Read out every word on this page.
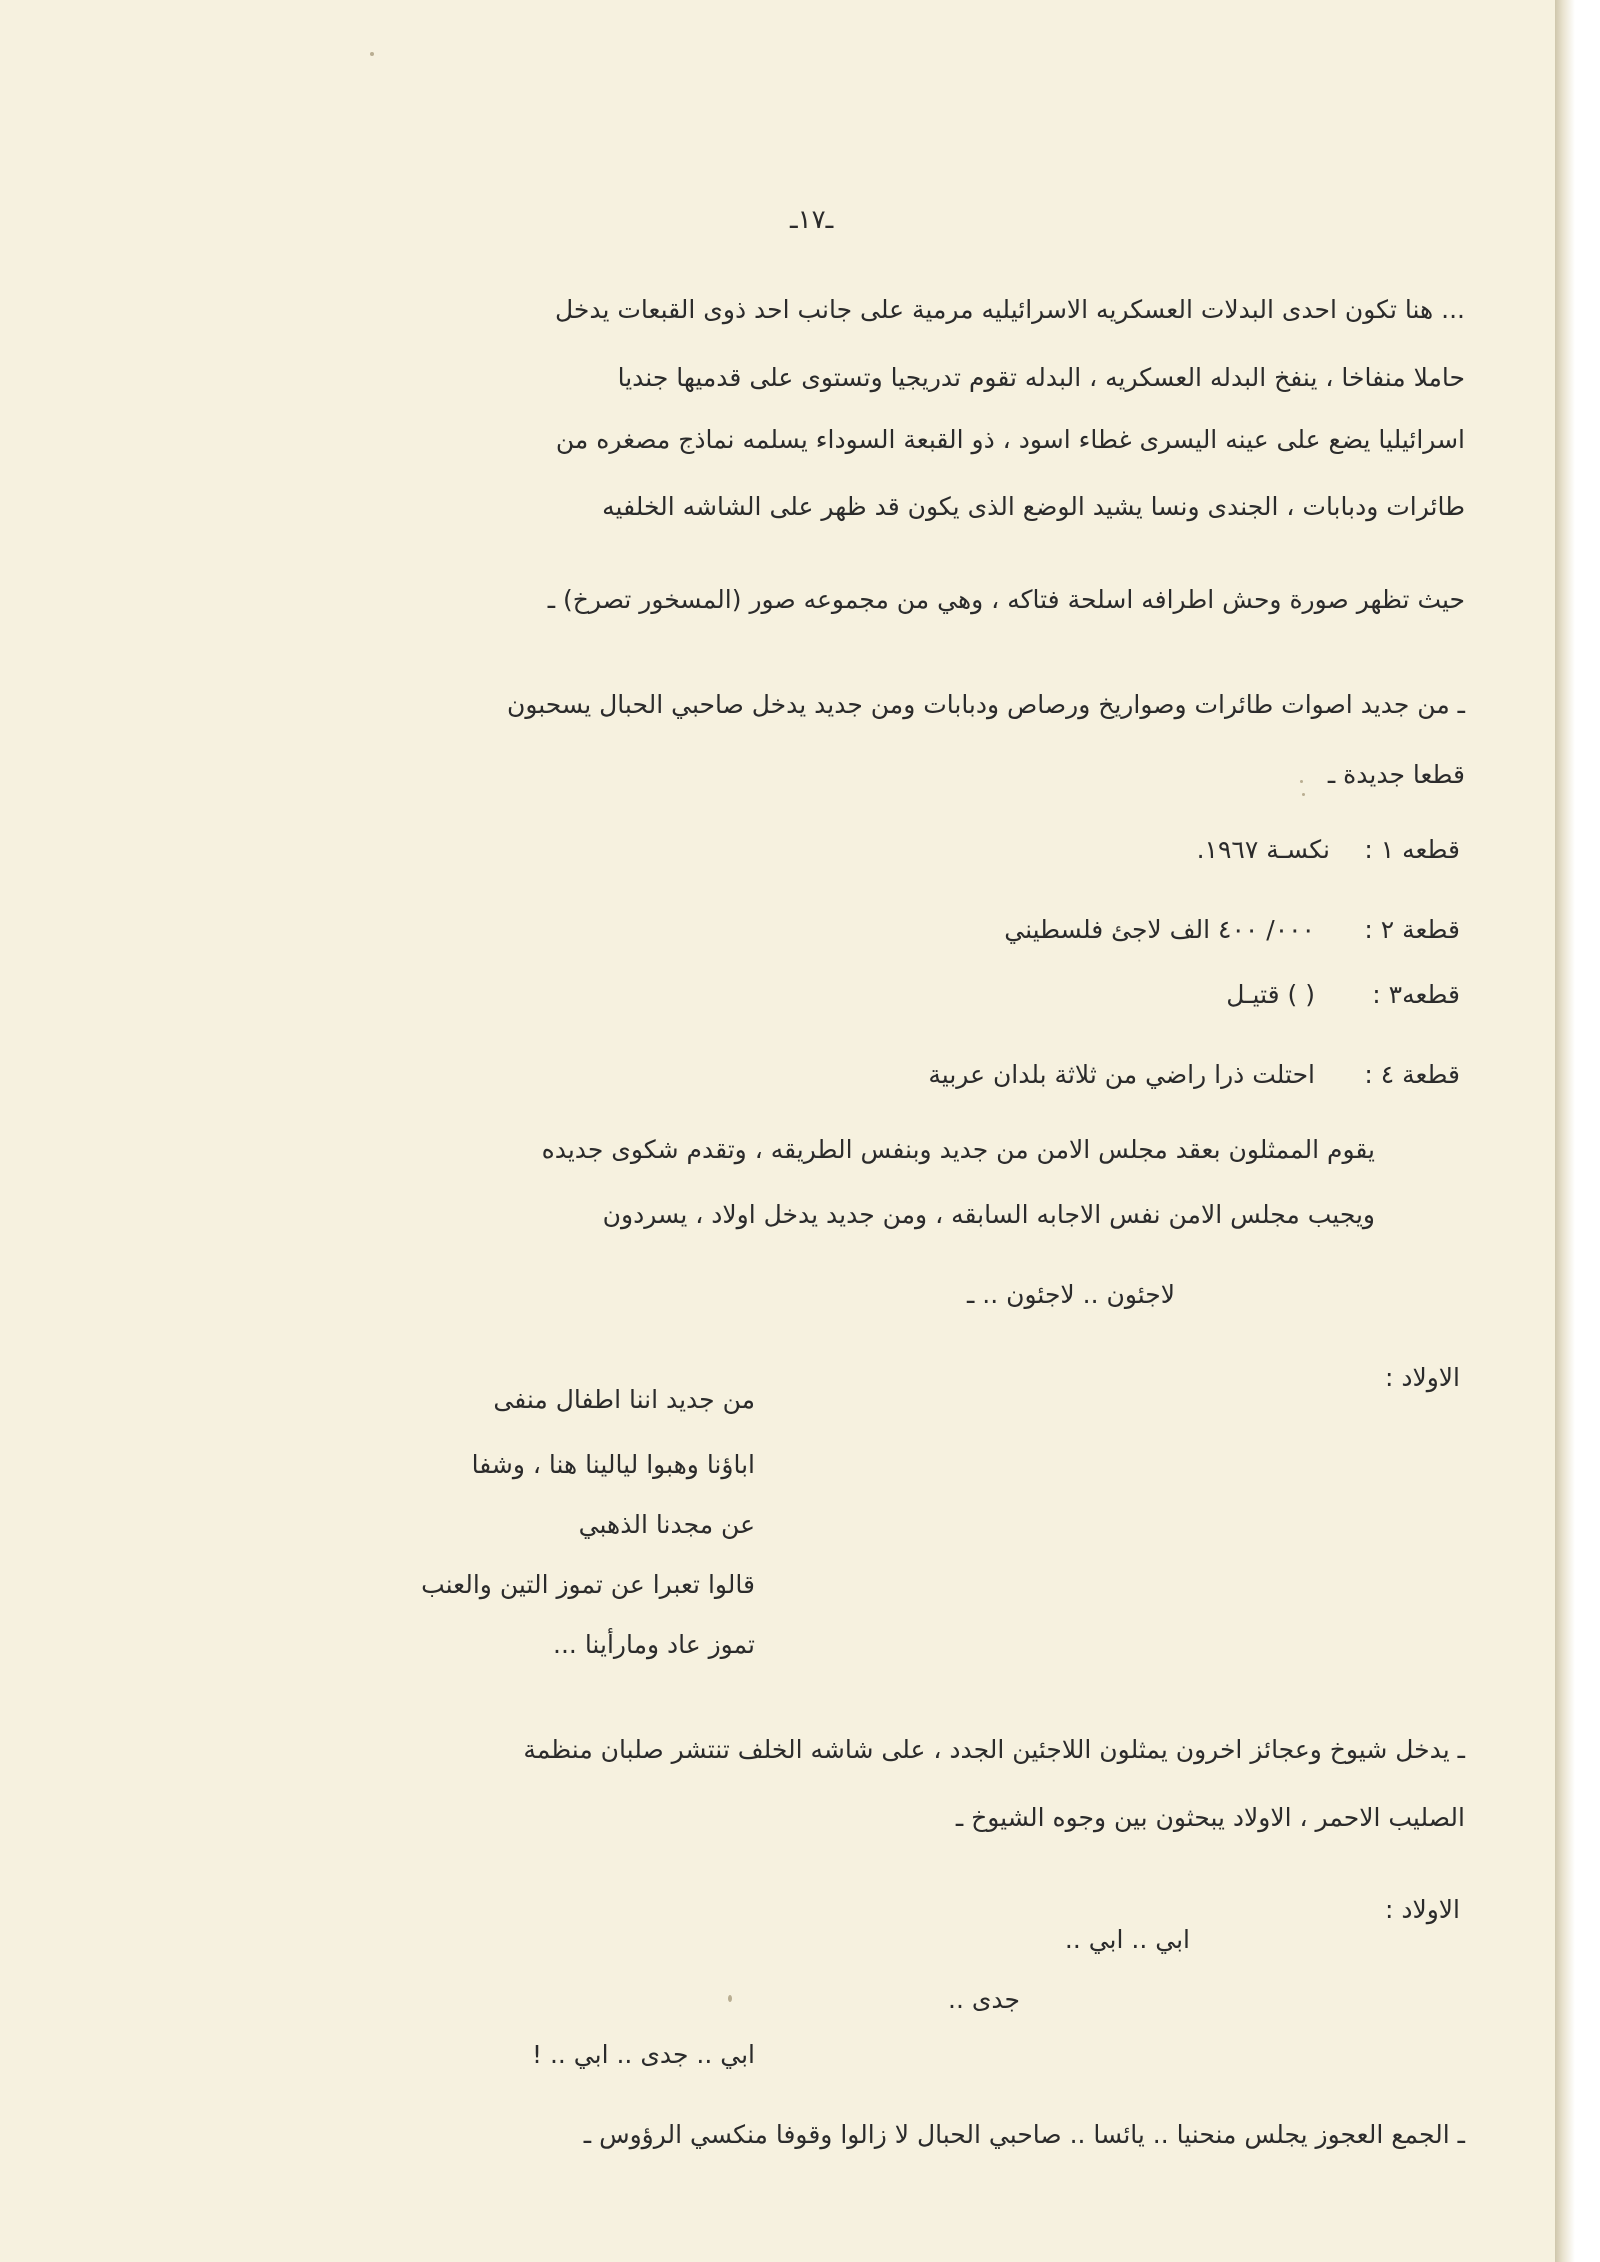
ـ١٧ـ
... هنا تكون احدى البدلات العسكريه الاسرائيليه مرمية على جانب احد ذوى القبعات يدخل
حاملا منفاخا ، ينفخ البدله العسكريه ، البدله تقوم تدريجيا وتستوى على قدميها جنديا
اسرائيليا يضع على عينه اليسرى غطاء اسود ، ذو القبعة السوداء يسلمه نماذج مصغره من
طائرات ودبابات ، الجندى ونسا يشيد الوضع الذى يكون قد ظهر على الشاشه الخلفيه
حيث تظهر صورة وحش اطرافه اسلحة فتاكه ، وهي من مجموعه صور (المسخور تصرخ) ـ
ـ من جديد اصوات طائرات وصواريخ ورصاص ودبابات ومن جديد يدخل صاحبي الحبال يسحبون
قطعا جديدة ـ
قطعه ١ :
نكسـة ١٩٦٧.
قطعة ٢ :
٠٠٠/ ٤٠٠ الف لاجئ فلسطيني
قطعه٣ :
( ) قتيـل
قطعة ٤ :
احتلت ذرا راضي من ثلاثة بلدان عربية
يقوم الممثلون بعقد مجلس الامن من جديد وبنفس الطريقه ، وتقدم شكوى جديده
ويجيب مجلس الامن نفس الاجابه السابقه ، ومن جديد يدخل اولاد ، يسردون
لاجئون .. لاجئون .. ـ
الاولاد :
من جديد اننا اطفال منفى
اباؤنا وهبوا ليالينا هنا ، وشفا
عن مجدنا الذهبي
قالوا تعبرا عن تموز التين والعنب
تموز عاد ومارأينا ...
ـ يدخل شيوخ وعجائز اخرون يمثلون اللاجئين الجدد ، على شاشه الخلف تنتشر صلبان منظمة
الصليب الاحمر ، الاولاد يبحثون بين وجوه الشيوخ ـ
الاولاد :
ابي .. ابي ..
جدى ..
ابي .. جدى .. ابي .. !
ـ الجمع العجوز يجلس منحنيا .. يائسا .. صاحبي الحبال لا زالوا وقوفا منكسي الرؤوس ـ
